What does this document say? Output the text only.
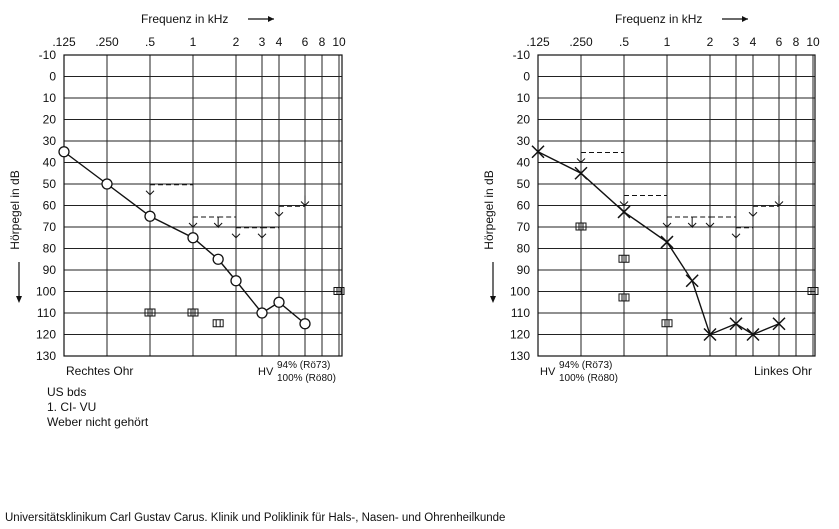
-10
0
10
20
30
40
50
60
70
80
90
100
110
120
130
.125 .250 .5	1	2 3 4 6 8 10
Frequenz in kHz
Hörpegel in dB
Rechtes Ohr	HV
94% (Rö73)
100% (Rö80)
-10
0
10
20
30
40
50
60
70
80
90
100
110
120
130
.125 .250 .5	1	2 3 4 6 8 10
Frequenz in kHz
Hörpegel in dB
Linkes Ohr
HV
94% (Rö73)
100% (Rö80)
US bds
1. CI- VU
Weber nicht gehört
Universitätsklinikum Carl Gustav Carus. Klinik und Poliklinik für Hals-, Nasen- und Ohrenheilkunde
